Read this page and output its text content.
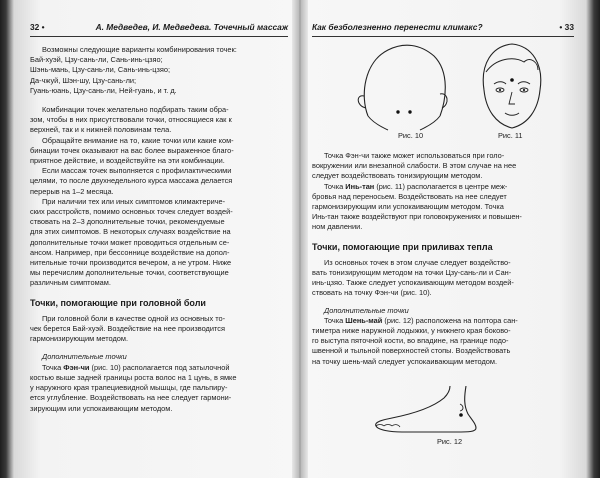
32 •	А. Медведев, И. Медведева. Точечный массаж

Возможны следующие варианты комбинирования точек:

Бай-хуэй, Цзу-сань-ли, Сань-инь-цзяо;

Шэнь-мань, Цзу-сань-ли, Сань-инь-цзяо;

Да-чжуй, Шэн-шу, Цзу-сань-ли;

Гуань-юань, Цзу-сань-ли, Ней-гуань, и т. д.

Комбинации точек желательно подбирать таким обра-

зом, чтобы в них присутствовали точки, относящиеся как к

верхней, так и к нижней половинам тела.

Обращайте внимание на то, какие точки или какие ком-

бинации точек оказывают на вас более выраженное благо-

приятное действие, и воздействуйте на эти комбинации.

Если массаж точек выполняется с профилактическими

целями, то после двухнедельного курса массажа делается

перерыв на 1–2 месяца.

При наличии тех или иных симптомов климактериче-

ских расстройств, помимо основных точек следует воздей-

ствовать на 2–3 дополнительные точки, рекомендуемые

для этих симптомов. В некоторых случаях воздействие на

дополнительные точки может проводиться отдельным се-

ансом. Например, при бессоннице воздействие на допол-

нительные точки производится вечером, а не утром. Ниже

мы перечислим дополнительные точки, соответствующие

различным симптомам.

Точки, помогающие при головной боли

При головной боли в качестве одной из основных то-

чек берется Бай-хуэй. Воздействие на нее производится

гармонизирующим методом.

Дополнительные точки

Точка Фэн-чи (рис. 10) располагается под затылочной

костью выше задней границы роста волос на 1 цунь, в ямке

у наружного края трапециевидной мышцы, где пальпиру-

ется углубление. Воздействовать на нее следует гармони-

зирующим или успокаивающим методом.

Как безболезненно перенести климакс?	• 33
Рис. 10	Рис. 11

Точка Фэн-чи также может использоваться при голо-

вокружении или внезапной слабости. В этом случае на нее

следует воздействовать тонизирующим методом.

Точка Инь-тан (рис. 11) располагается в центре меж-

бровья над переносьем. Воздействовать на нее следует

гармонизирующим или успокаивающим методом. Точка

Инь-тан также воздействуют при головокружениях и повышен-

ном давлении.

Точки, помогающие при приливах тепла

Из основных точек в этом случае следует воздейство-

вать тонизирующим методом на точки Цзу-сань-ли и Сан-

инь-цзяо. Также следует успокаивающим методом воздей-

ствовать на точку Фэн-чи (рис. 10).

Дополнительные точки

Точка Шень-май (рис. 12) расположена на полтора сан-

тиметра ниже наружной лодыжки, у нижнего края боково-

го выступа пяточной кости, во впадине, на границе подо-

швенной и тыльной поверхностей стопы. Воздействовать

на точку шень-май следует успокаивающим методом.

Рис. 12
